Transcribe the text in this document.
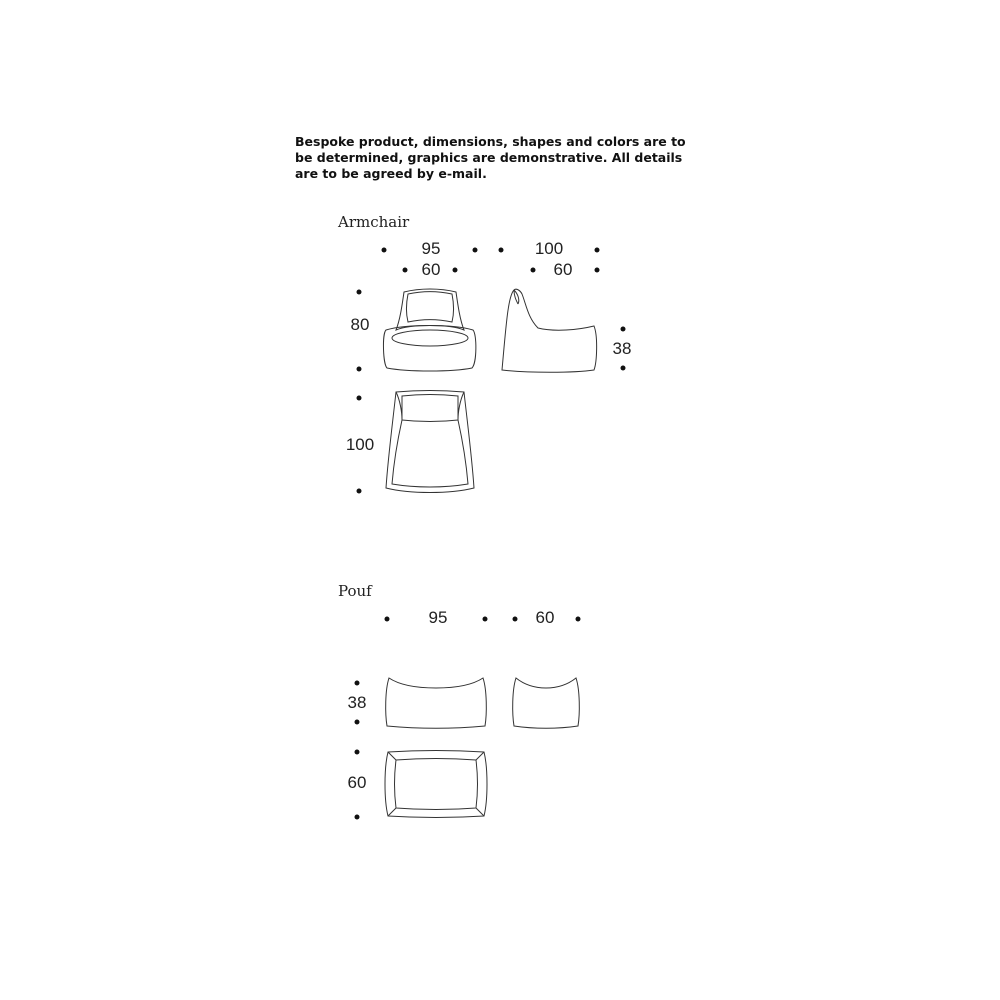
Bespoke product, dimensions, shapes and colors are to
be determined, graphics are demonstrative. All details
are to be agreed by e-mail.

Armchair

95	100
60	60
80
38
100

Pouf

95	60
38
60
